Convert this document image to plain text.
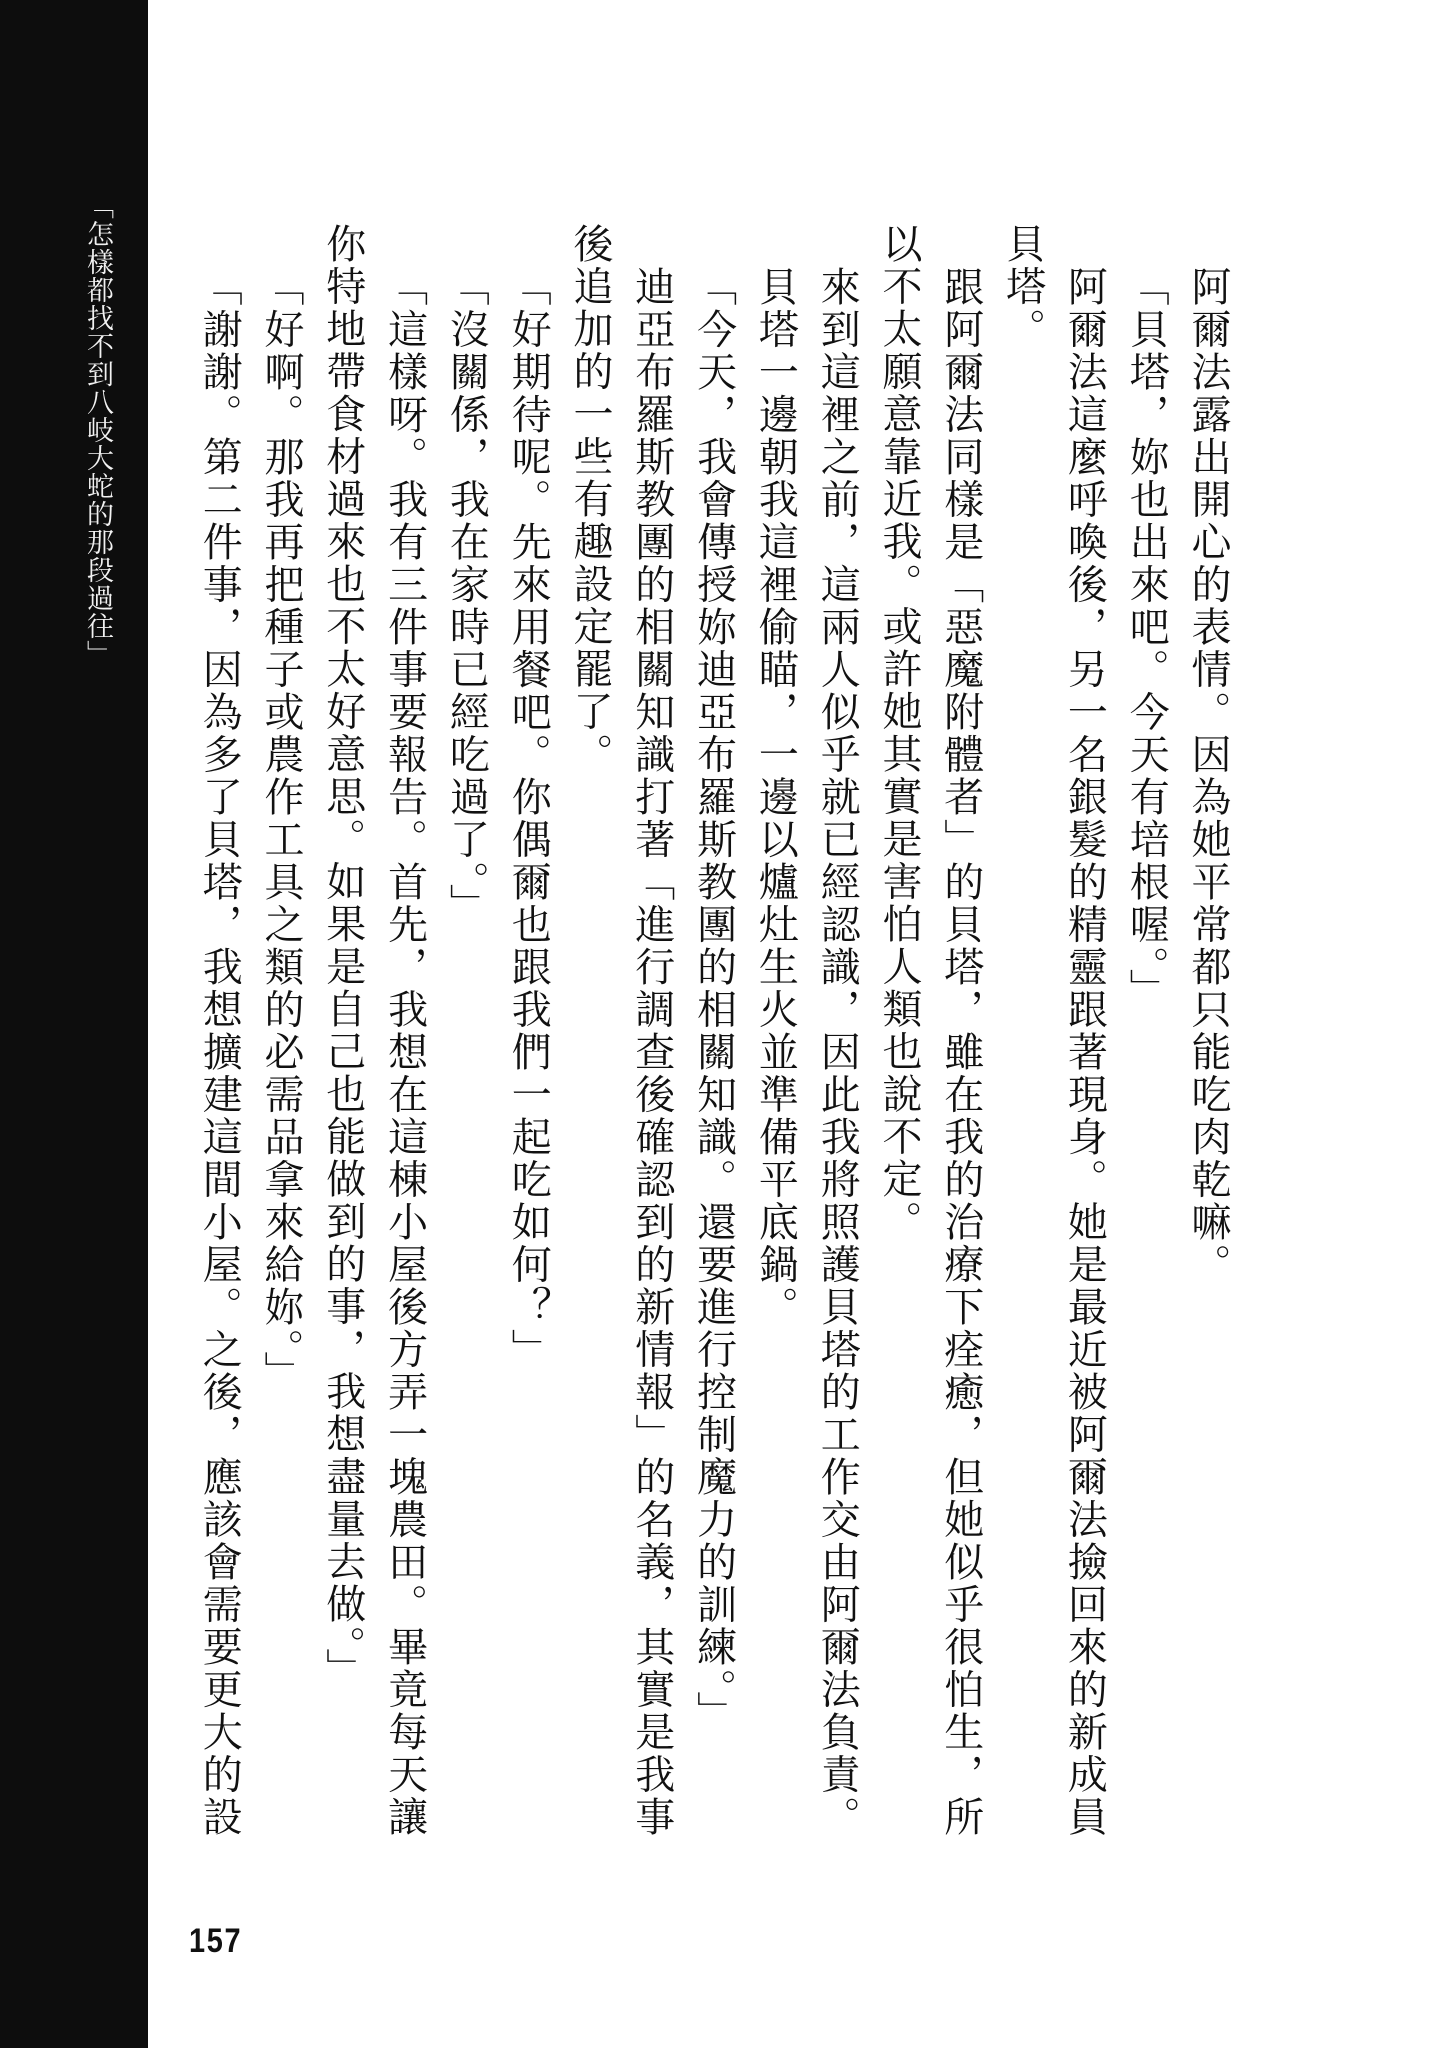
「怎樣都找不到八岐大蛇的那段過往」	阿爾法露出開心的表情。因為她平常都只能吃肉乾嘛。
「貝塔，妳也出來吧。今天有培根喔。」
阿爾法這麼呼喚後，另一名銀髮的精靈跟著現身。她是最近被阿爾法撿回來的新成員
貝塔。
跟阿爾法同樣是「惡魔附體者」的貝塔，雖在我的治療下痊癒，但她似乎很怕生，所
以不太願意靠近我。或許她其實是害怕人類也說不定。
來到這裡之前，這兩人似乎就已經認識，因此我將照護貝塔的工作交由阿爾法負責。
貝塔一邊朝我這裡偷瞄，一邊以爐灶生火並準備平底鍋。
「今天，我會傳授妳迪亞布羅斯教團的相關知識。還要進行控制魔力的訓練。」
迪亞布羅斯教團的相關知識打著「進行調查後確認到的新情報」的名義，其實是我事
後追加的一些有趣設定罷了。
「好期待呢。先來用餐吧。你偶爾也跟我們一起吃如何？」
「沒關係，我在家時已經吃過了。」
「這樣呀。我有三件事要報告。首先，我想在這棟小屋後方弄一塊農田。畢竟每天讓
你特地帶食材過來也不太好意思。如果是自己也能做到的事，我想盡量去做。」
「好啊。那我再把種子或農作工具之類的必需品拿來給妳。」
「謝謝。第二件事，因為多了貝塔，我想擴建這間小屋。之後，應該會需要更大的設
157
